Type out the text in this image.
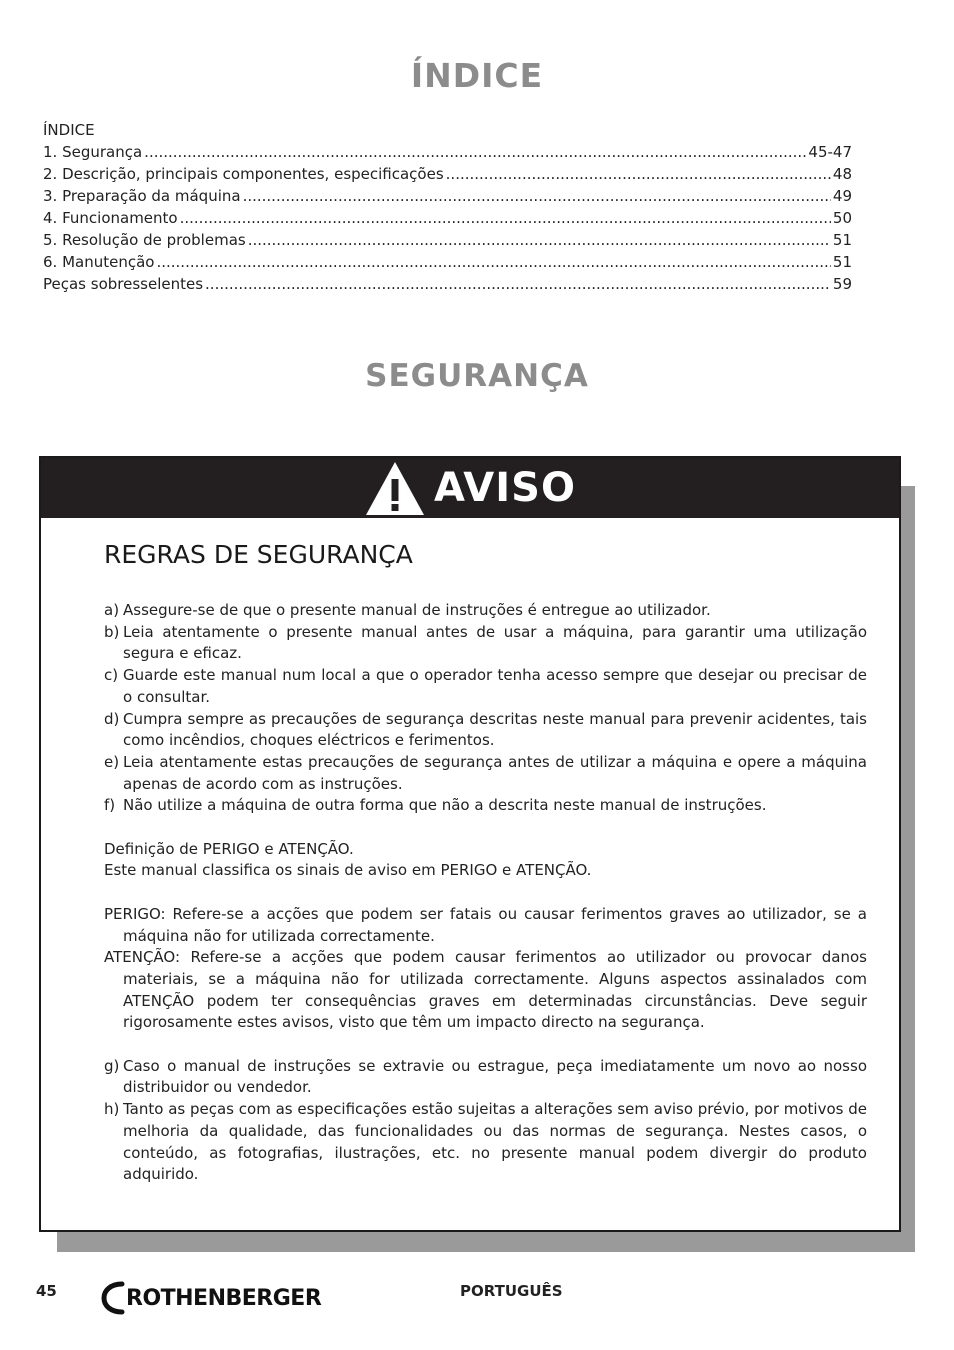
ÍNDICE
ÍNDICE
1. Segurança .....	45-47
2. Descrição, principais componentes, especificações .....	48
3. Preparação da máquina .....	49
4. Funcionamento .....	50
5. Resolução de problemas .....	51
6. Manutenção .....	51
Peças sobresselentes .....	59
SEGURANÇA
AVISO
REGRAS DE SEGURANÇA
a) Assegure-se de que o presente manual de instruções é entregue ao utilizador.
b) Leia atentamente o presente manual antes de usar a máquina, para garantir uma utilização segura e eficaz.
c) Guarde este manual num local a que o operador tenha acesso sempre que desejar ou precisar de o consultar.
d) Cumpra sempre as precauções de segurança descritas neste manual para prevenir acidentes, tais como incêndios, choques eléctricos e ferimentos.
e) Leia atentamente estas precauções de segurança antes de utilizar a máquina e opere a máquina apenas de acordo com as instruções.
f) Não utilize a máquina de outra forma que não a descrita neste manual de instruções.

Definição de PERIGO e ATENÇÃO.

Este manual classifica os sinais de aviso em PERIGO e ATENÇÃO.

PERIGO: Refere-se a acções que podem ser fatais ou causar ferimentos graves ao utilizador, se a máquina não for utilizada correctamente.

ATENÇÃO: Refere-se a acções que podem causar ferimentos ao utilizador ou provocar danos materiais, se a máquina não for utilizada correctamente. Alguns aspectos assinalados com ATENÇÃO podem ter consequências graves em determinadas circunstâncias. Deve seguir rigorosamente estes avisos, visto que têm um impacto directo na segurança.

g) Caso o manual de instruções se extravie ou estrague, peça imediatamente um novo ao nosso distribuidor ou vendedor.
h) Tanto as peças com as especificações estão sujeitas a alterações sem aviso prévio, por motivos de melhoria da qualidade, das funcionalidades ou das normas de segurança. Nestes casos, o conteúdo, as fotografias, ilustrações, etc. no presente manual podem divergir do produto adquirido.
45	ROTHENBERGER	PORTUGUÊS
